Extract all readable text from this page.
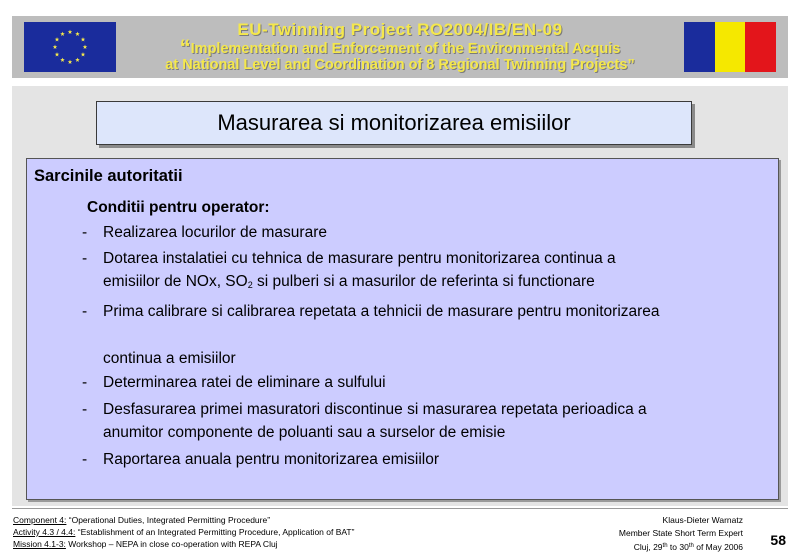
EU-Twinning Project RO2004/IB/EN-09
“Implementation and Enforcement of the Environmental Acquis
at National Level and Coordination of 8 Regional Twinning Projects”
Masurarea si monitorizarea emisiilor
Sarcinile autoritatii
Conditii pentru operator:
-	Realizarea locurilor de masurare
-	Dotarea instalatiei cu tehnica de masurare pentru monitorizarea continua a
emisiilor de NOx, $SO_2$ si pulberi si a masurilor de referinta si functionare
-	Prima calibrare si calibrarea repetata a tehnicii de masurare pentru monitorizarea
continua a emisiilor
-	Determinarea ratei de eliminare a sulfului
-	Desfasurarea primei masuratori discontinue si masurarea repetata perioadica a
anumitor componente de poluanti sau a surselor de emisie
-	Raportarea anuala pentru monitorizarea emisiilor
Component 4: “Operational Duties, Integrated Permitting Procedure”
Activity 4.3 / 4.4: “Establishment of an Integrated Permitting Procedure, Application of BAT”
Mission 4.1-3: Workshop – NEPA in close co-operation with REPA Cluj
Klaus-Dieter Warnatz
Member State Short Term Expert
Cluj, 29th to 30th of May 2006 58
